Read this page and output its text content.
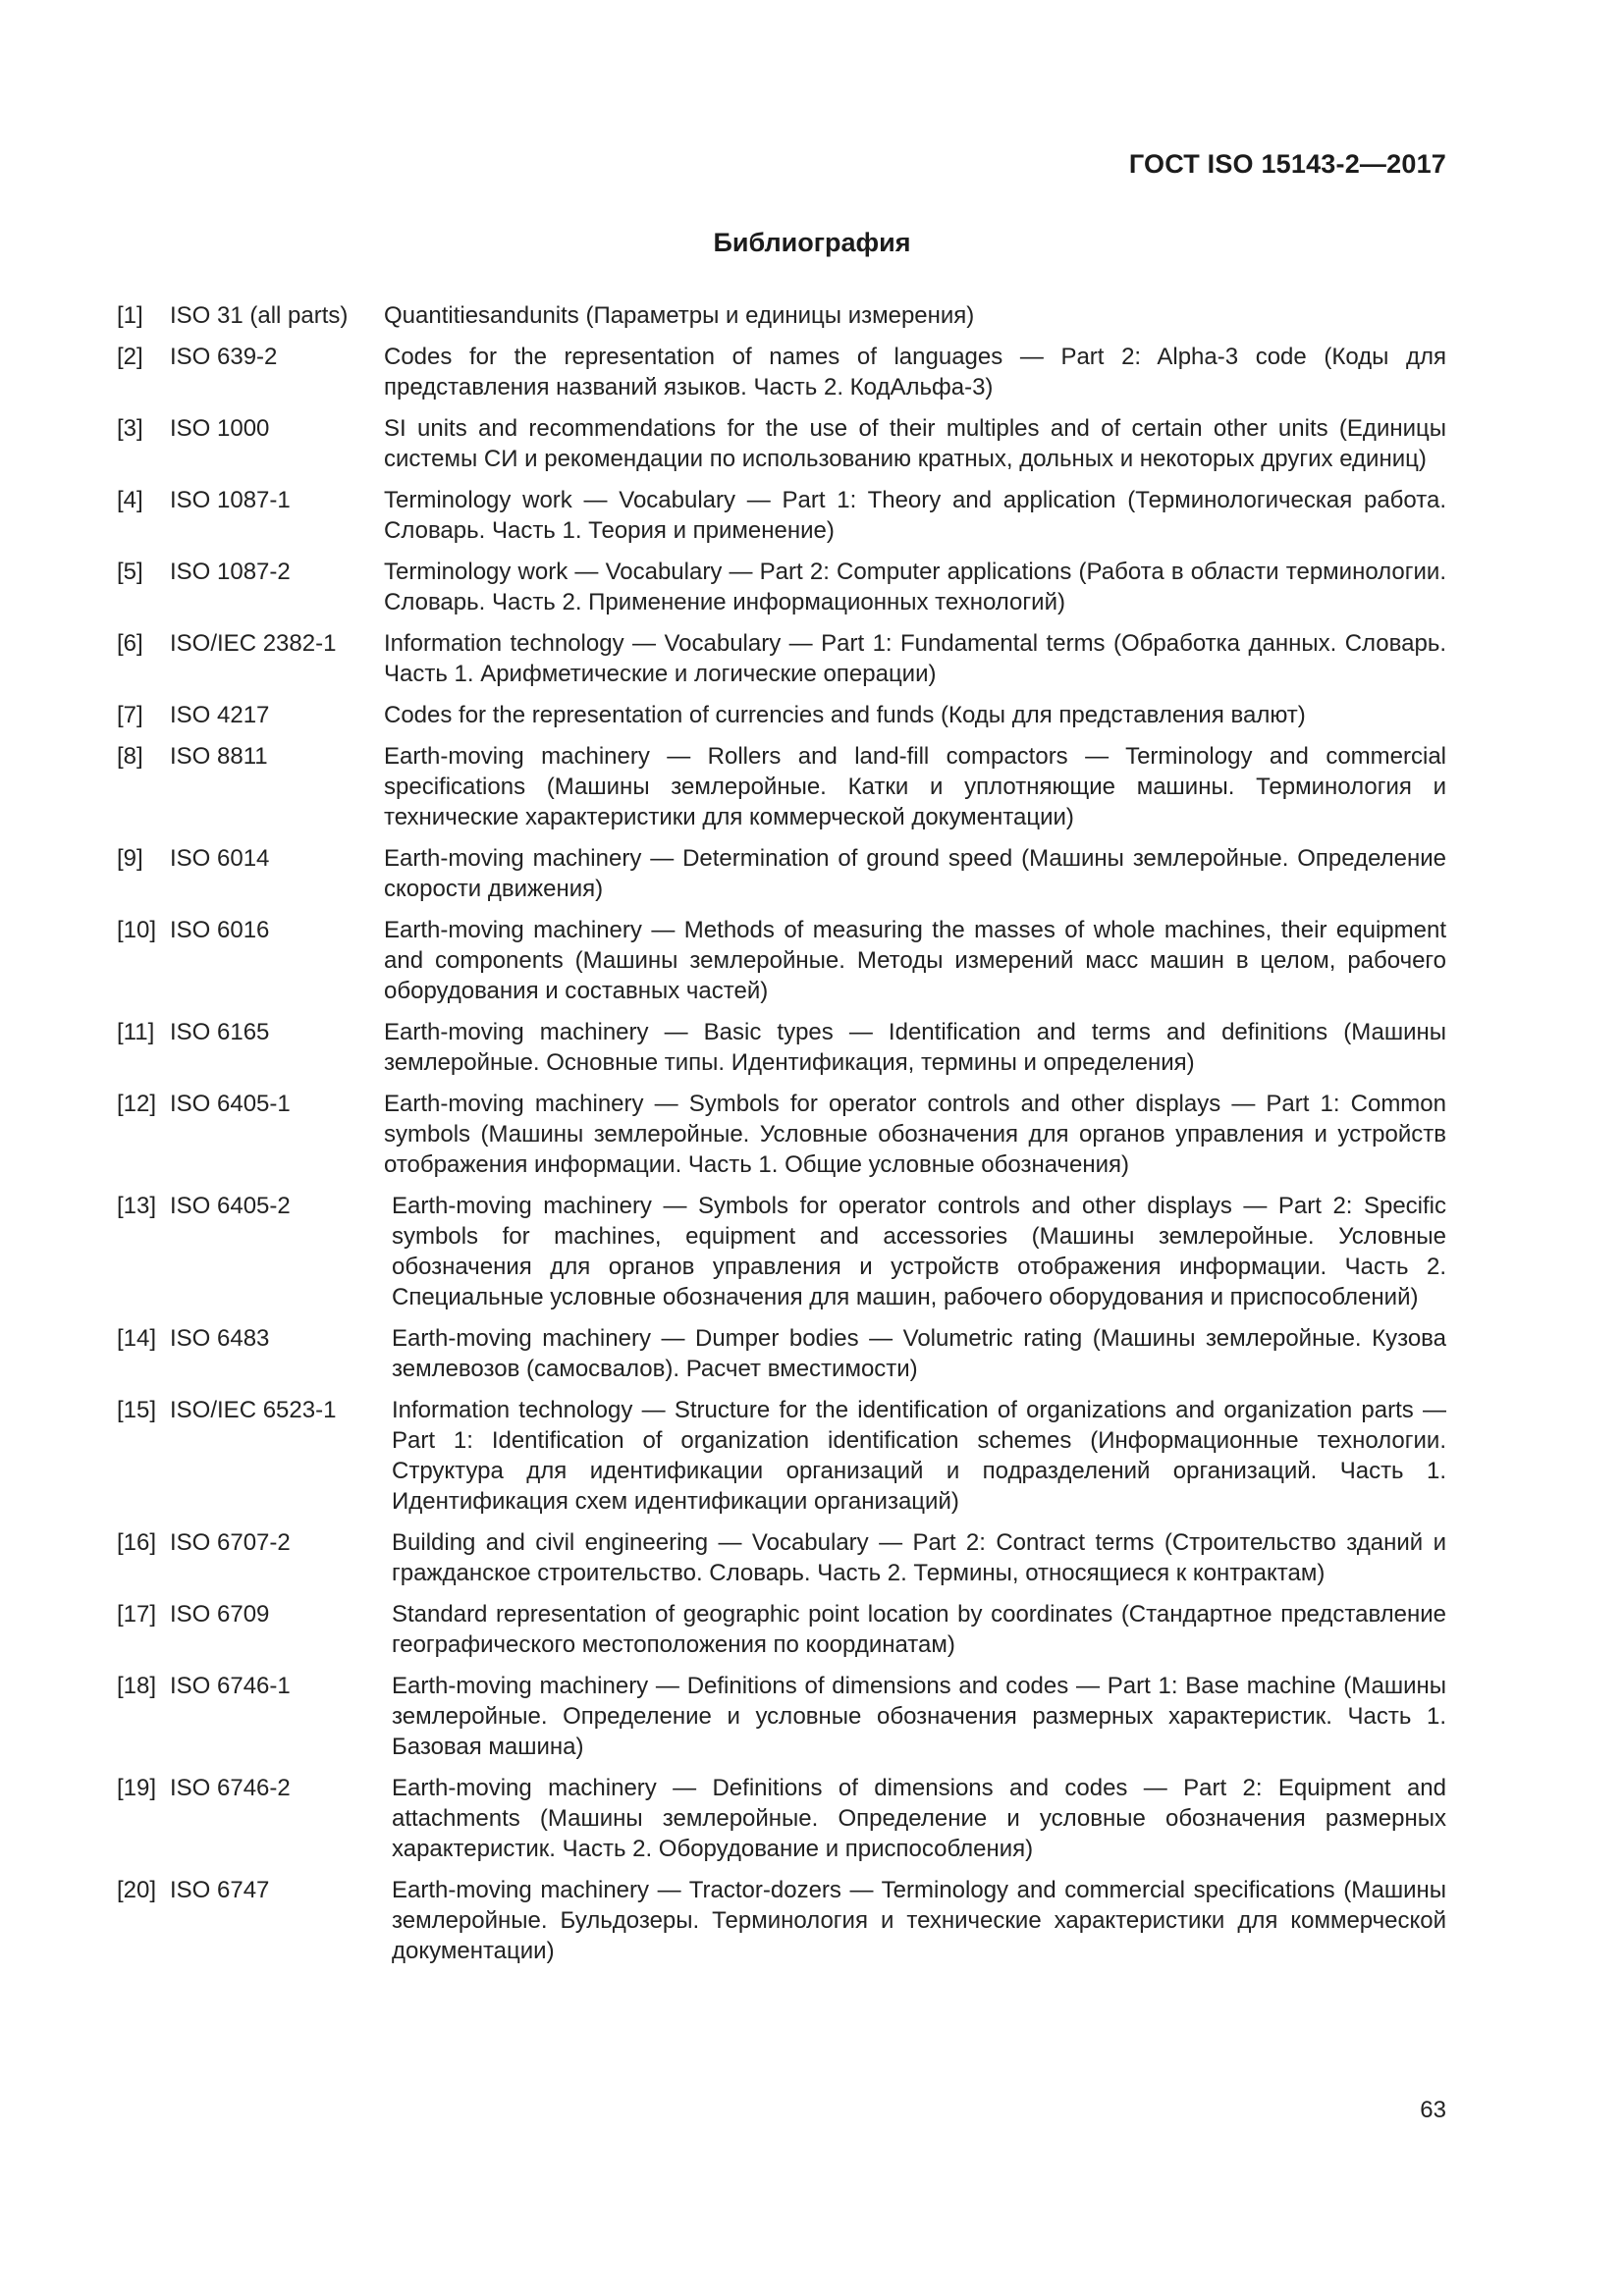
ГОСТ ISO 15143-2—2017
Библиография
[1]	ISO 31 (all parts)	Quantitiesandunits (Параметры и единицы измерения)
[2]	ISO 639-2	Codes for the representation of names of languages — Part 2: Alpha-3 code (Коды для представления названий языков. Часть 2. КодАльфа-3)
[3]	ISO 1000	SI units and recommendations for the use of their multiples and of certain other units (Единицы системы СИ и рекомендации по использованию кратных, дольных и некоторых других единиц)
[4]	ISO 1087-1	Terminology work — Vocabulary — Part 1: Theory and application (Терминологическая работа. Словарь. Часть 1. Теория и применение)
[5]	ISO 1087-2	Terminology work — Vocabulary — Part 2: Computer applications (Работа в области терминологии. Словарь. Часть 2. Применение информационных технологий)
[6]	ISO/IEC 2382-1	Information technology — Vocabulary — Part 1: Fundamental terms (Обработка данных. Словарь. Часть 1. Арифметические и логические операции)
[7]	ISO 4217	Codes for the representation of currencies and funds (Коды для представления валют)
[8]	ISO 8811	Earth-moving machinery — Rollers and land-fill compactors — Terminology and commercial specifications (Машины землеройные. Катки и уплотняющие машины. Терминология и технические характеристики для коммерческой документации)
[9]	ISO 6014	Earth-moving machinery — Determination of ground speed (Машины землеройные. Определение скорости движения)
[10] ISO 6016	Earth-moving machinery — Methods of measuring the masses of whole machines, their equipment and components (Машины землеройные. Методы измерений масс машин в целом, рабочего оборудования и составных частей)
[11] ISO 6165	Earth-moving machinery — Basic types — Identification and terms and definitions (Машины землеройные. Основные типы. Идентификация, термины и определения)
[12] ISO 6405-1	Earth-moving machinery — Symbols for operator controls and other displays — Part 1: Common symbols (Машины землеройные. Условные обозначения для органов управления и устройств отображения информации. Часть 1. Общие условные обозначения)
[13] ISO 6405-2	Earth-moving machinery — Symbols for operator controls and other displays — Part 2: Specific symbols for machines, equipment and accessories (Машины землеройные. Условные обозначения для органов управления и устройств отображения информации. Часть 2. Специальные условные обозначения для машин, рабочего оборудования и приспособлений)
[14] ISO 6483	Earth-moving machinery — Dumper bodies — Volumetric rating (Машины землеройные. Кузова землевозов (самосвалов). Расчет вместимости)
[15] ISO/IEC 6523-1	Information technology — Structure for the identification of organizations and organization parts — Part 1: Identification of organization identification schemes (Информационные технологии. Структура для идентификации организаций и подразделений организаций. Часть 1. Идентификация схем идентификации организаций)
[16] ISO 6707-2	Building and civil engineering — Vocabulary — Part 2: Contract terms (Строительство зданий и гражданское строительство. Словарь. Часть 2. Термины, относящиеся к контрактам)
[17] ISO 6709	Standard representation of geographic point location by coordinates (Стандартное представление географического местоположения по координатам)
[18] ISO 6746-1	Earth-moving machinery — Definitions of dimensions and codes — Part 1: Base machine (Машины землеройные. Определение и условные обозначения размерных характеристик. Часть 1. Базовая машина)
[19] ISO 6746-2	Earth-moving machinery — Definitions of dimensions and codes — Part 2: Equipment and attachments (Машины землеройные. Определение и условные обозначения размерных характеристик. Часть 2. Оборудование и приспособления)
[20] ISO 6747	Earth-moving machinery — Tractor-dozers — Terminology and commercial specifications (Машины землеройные. Бульдозеры. Терминология и технические характеристики для коммерческой документации)
63
